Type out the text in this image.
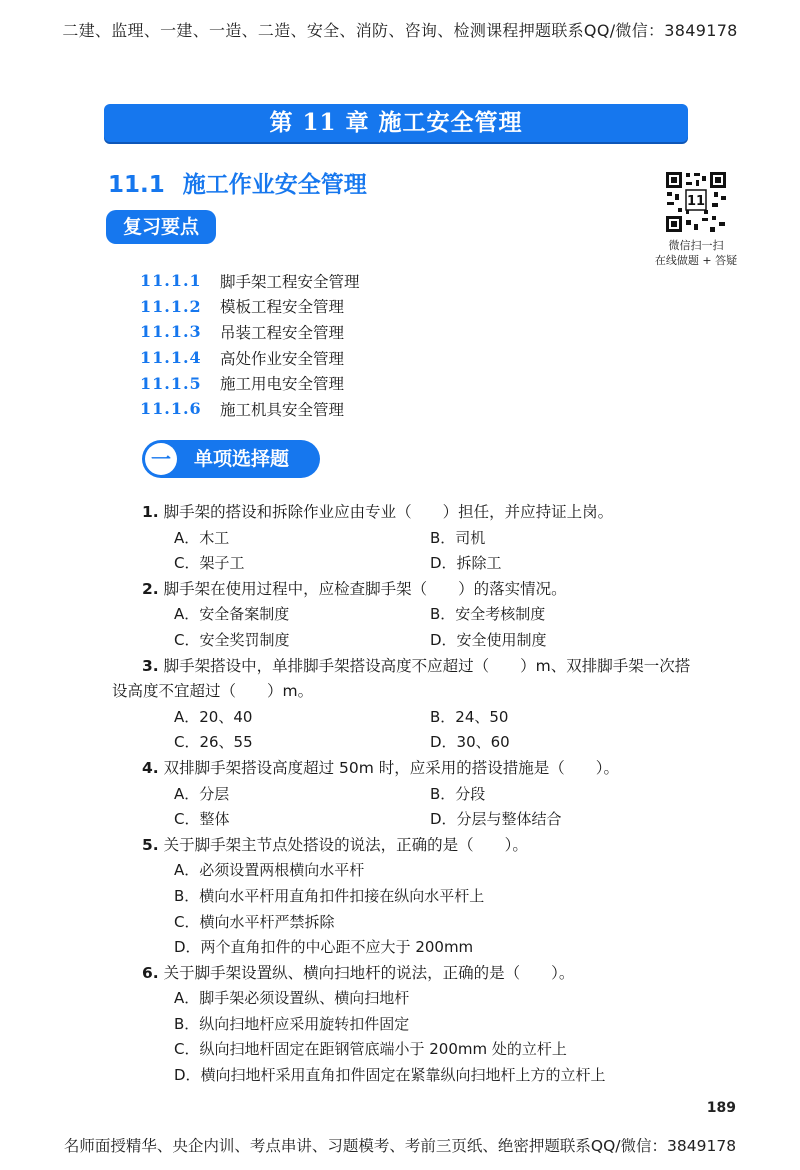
二建、监理、一建、一造、二造、安全、消防、咨询、检测课程押题联系QQ/微信：3849178
第 11 章 施工安全管理
11.1 施工作业安全管理
11
微信扫一扫
在线做题 + 答疑
复习要点
11.1.1	脚手架工程安全管理
11.1.2	模板工程安全管理
11.1.3	吊装工程安全管理
11.1.4	高处作业安全管理
11.1.5	施工用电安全管理
11.1.6	施工机具安全管理
一	单项选择题
1. 脚手架的搭设和拆除作业应由专业（　　）担任，并应持证上岗。
A．木工	B．司机
C．架子工	D．拆除工
2. 脚手架在使用过程中，应检查脚手架（　　）的落实情况。
A．安全备案制度	B．安全考核制度
C．安全奖罚制度	D．安全使用制度
3. 脚手架搭设中，单排脚手架搭设高度不应超过（　　）m、双排脚手架一次搭设高度不宜超过（　　）m。
A．20、40	B．24、50
C．26、55	D．30、60
4. 双排脚手架搭设高度超过 50m 时，应采用的搭设措施是（　　）。
A．分层	B．分段
C．整体	D．分层与整体结合
5. 关于脚手架主节点处搭设的说法，正确的是（　　）。
A．必须设置两根横向水平杆
B．横向水平杆用直角扣件扣接在纵向水平杆上
C．横向水平杆严禁拆除
D．两个直角扣件的中心距不应大于 200mm
6. 关于脚手架设置纵、横向扫地杆的说法，正确的是（　　）。
A．脚手架必须设置纵、横向扫地杆
B．纵向扫地杆应采用旋转扣件固定
C．纵向扫地杆固定在距钢管底端小于 200mm 处的立杆上
D．横向扫地杆采用直角扣件固定在紧靠纵向扫地杆上方的立杆上
189
名师面授精华、央企内训、考点串讲、习题模考、考前三页纸、绝密押题联系QQ/微信：3849178
